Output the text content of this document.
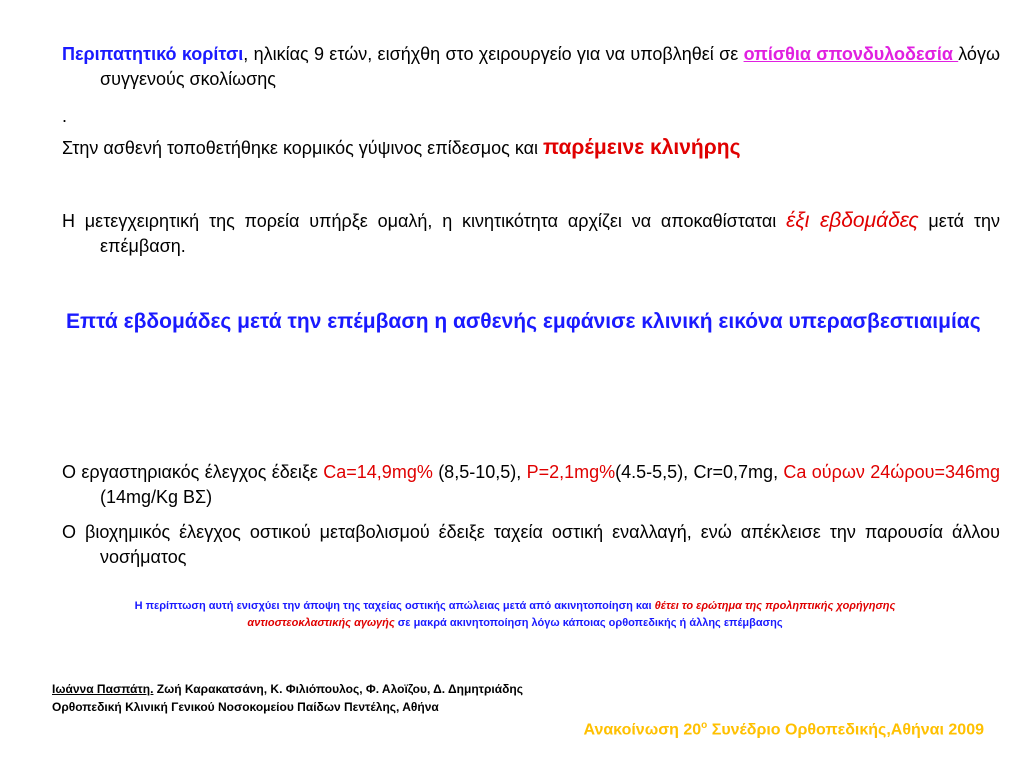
Περιπατητικό κορίτσι, ηλικίας 9 ετών, εισήχθη στο χειρουργείο για να υποβληθεί σε οπίσθια σπονδυλοδεσία λόγω συγγενούς σκολίωσης
.
Στην ασθενή τοποθετήθηκε κορμικός γύψινος επίδεσμος και παρέμεινε κλινήρης
Η μετεγχειρητική της πορεία υπήρξε ομαλή, η κινητικότητα αρχίζει να αποκαθίσταται έξι εβδομάδες μετά την επέμβαση.
Επτά εβδομάδες μετά την επέμβαση η ασθενής εμφάνισε κλινική εικόνα υπερασβεστιαιμίας
Ο εργαστηριακός έλεγχος έδειξε Ca=14,9mg% (8,5-10,5), P=2,1mg%(4.5-5,5), Cr=0,7mg, Ca ούρων 24ώρου=346mg (14mg/Kg ΒΣ)
Ο βιοχημικός έλεγχος οστικού μεταβολισμού έδειξε ταχεία οστική εναλλαγή, ενώ απέκλεισε την παρουσία άλλου νοσήματος
Η περίπτωση αυτή ενισχύει την άποψη της ταχείας οστικής απώλειας μετά από ακινητοποίηση και θέτει το ερώτημα της προληπτικής χορήγησης αντιοστεοκλαστικής αγωγής σε μακρά ακινητοποίηση λόγω κάποιας ορθοπεδικής ή άλλης επέμβασης
Ιωάννα Πασπάτη. Ζωή Καρακατσάνη, Κ. Φιλιόπουλος, Φ. Αλοϊζου, Δ. Δημητριάδης
Ορθοπεδική Κλινική Γενικού Νοσοκομείου Παίδων Πεντέλης, Αθήνα
Ανακοίνωση $20^o$ Συνέδριο Ορθοπεδικής,Αθήναι 2009
